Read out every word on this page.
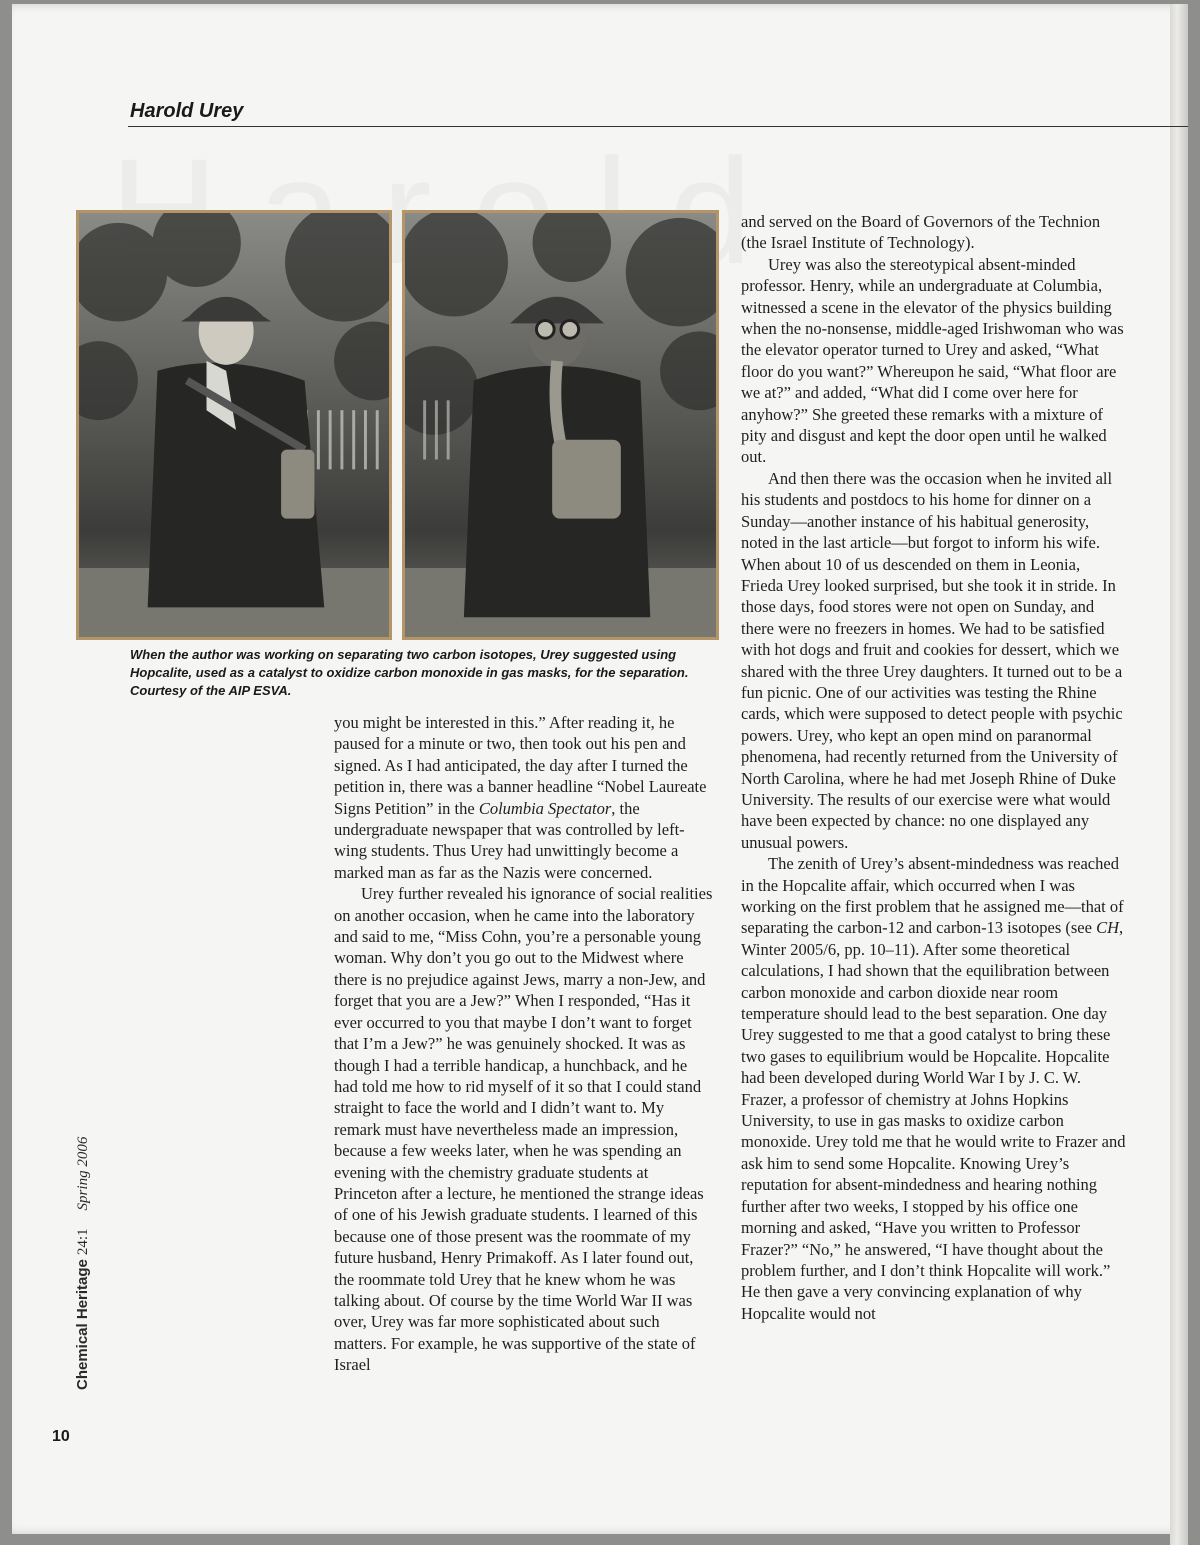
Harold Urey

When the author was working on separating two carbon isotopes, Urey suggested using Hopcalite, used as a catalyst to oxidize carbon monoxide in gas masks, for the separation. Courtesy of the AIP ESVA.

you might be interested in this.” After reading it, he paused for a minute or two, then took out his pen and signed. As I had anticipated, the day after I turned the petition in, there was a banner headline “Nobel Laureate Signs Petition” in the Columbia Spectator, the undergraduate newspaper that was controlled by left-wing students. Thus Urey had unwittingly become a marked man as far as the Nazis were concerned.

Urey further revealed his ignorance of social realities on another occasion, when he came into the laboratory and said to me, “Miss Cohn, you’re a personable young woman. Why don’t you go out to the Midwest where there is no prejudice against Jews, marry a non-Jew, and forget that you are a Jew?” When I responded, “Has it ever occurred to you that maybe I don’t want to forget that I’m a Jew?” he was genuinely shocked. It was as though I had a terrible handicap, a hunchback, and he had told me how to rid myself of it so that I could stand straight to face the world and I didn’t want to. My remark must have nevertheless made an impression, because a few weeks later, when he was spending an evening with the chemistry graduate students at Princeton after a lecture, he mentioned the strange ideas of one of his Jewish graduate students. I learned of this because one of those present was the roommate of my future husband, Henry Primakoff. As I later found out, the roommate told Urey that he knew whom he was talking about. Of course by the time World War II was over, Urey was far more sophisticated about such matters. For example, he was supportive of the state of Israel

and served on the Board of Governors of the Technion (the Israel Institute of Technology).

Urey was also the stereotypical absent-minded professor. Henry, while an undergraduate at Columbia, witnessed a scene in the elevator of the physics building when the no-nonsense, middle-aged Irishwoman who was the elevator operator turned to Urey and asked, “What floor do you want?” Whereupon he said, “What floor are we at?” and added, “What did I come over here for anyhow?” She greeted these remarks with a mixture of pity and disgust and kept the door open until he walked out.

And then there was the occasion when he invited all his students and postdocs to his home for dinner on a Sunday—another instance of his habitual generosity, noted in the last article—but forgot to inform his wife. When about 10 of us descended on them in Leonia, Frieda Urey looked surprised, but she took it in stride. In those days, food stores were not open on Sunday, and there were no freezers in homes. We had to be satisfied with hot dogs and fruit and cookies for dessert, which we shared with the three Urey daughters. It turned out to be a fun picnic. One of our activities was testing the Rhine cards, which were supposed to detect people with psychic powers. Urey, who kept an open mind on paranormal phenomena, had recently returned from the University of North Carolina, where he had met Joseph Rhine of Duke University. The results of our exercise were what would have been expected by chance: no one displayed any unusual powers.

The zenith of Urey’s absent-mindedness was reached in the Hopcalite affair, which occurred when I was working on the first problem that he assigned me—that of separating the carbon-12 and carbon-13 isotopes (see CH, Winter 2005/6, pp. 10–11). After some theoretical calculations, I had shown that the equilibration between carbon monoxide and carbon dioxide near room temperature should lead to the best separation. One day Urey suggested to me that a good catalyst to bring these two gases to equilibrium would be Hopcalite. Hopcalite had been developed during World War I by J. C. W. Frazer, a professor of chemistry at Johns Hopkins University, to use in gas masks to oxidize carbon monoxide. Urey told me that he would write to Frazer and ask him to send some Hopcalite. Knowing Urey’s reputation for absent-mindedness and hearing nothing further after two weeks, I stopped by his office one morning and asked, “Have you written to Professor Frazer?” “No,” he answered, “I have thought about the problem further, and I don’t think Hopcalite will work.” He then gave a very convincing explanation of why Hopcalite would not

Chemical Heritage24:1Spring 2006
10
